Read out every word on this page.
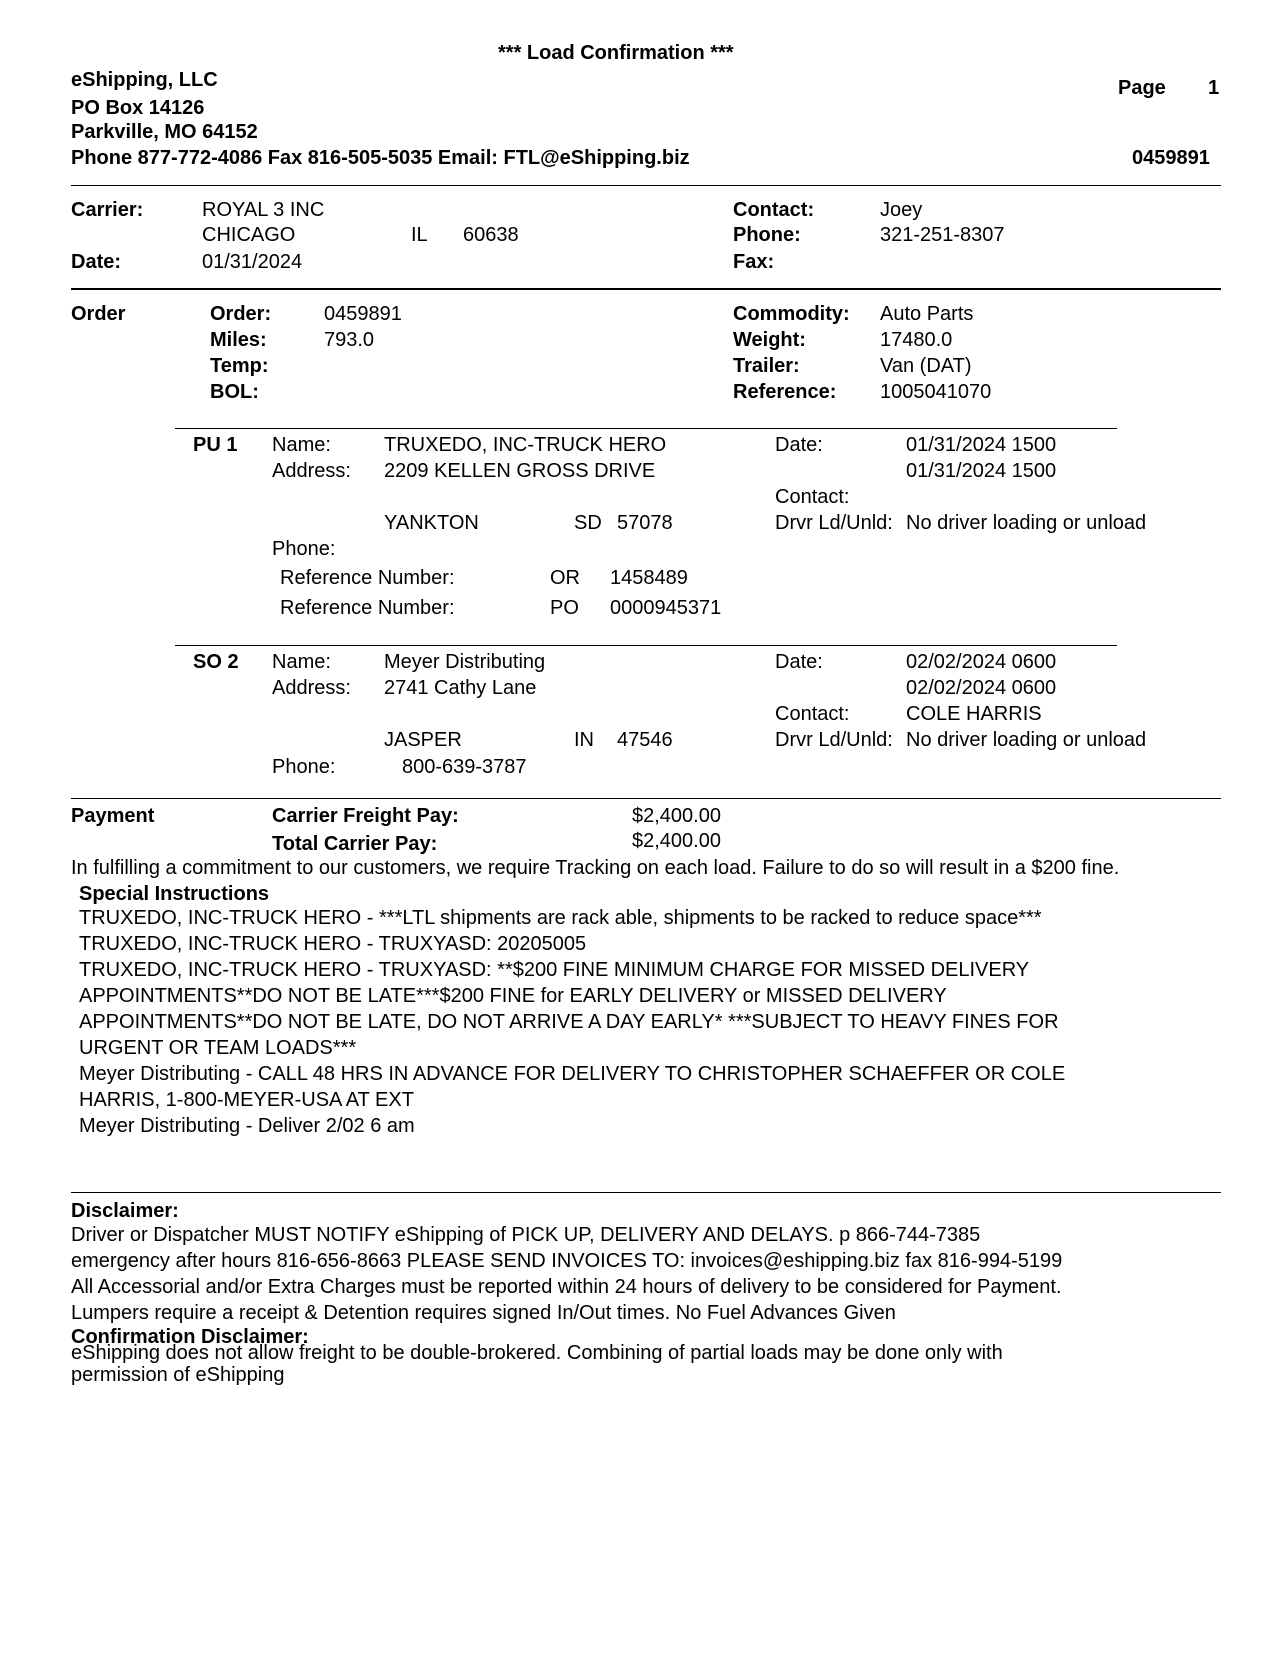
*** Load Confirmation ***
eShipping, LLC
PO Box 14126
Parkville, MO 64152
Phone 877-772-4086 Fax 816-505-5035 Email: FTL@eShipping.biz
Page 1
0459891
Carrier:	ROYAL 3 INC
CHICAGO	IL 60638
Date:	01/31/2024
Contact:	Joey
Phone:	321-251-8307
Fax:
Order	Order:	0459891
Miles:	793.0
Temp:
BOL:
Commodity: Auto Parts
Weight:	17480.0
Trailer:	Van (DAT)
Reference: 1005041070
PU 1 Name:	TRUXEDO, INC-TRUCK HERO
Address: 2209 KELLEN GROSS DRIVE
YANKTON	SD 57078
Phone:
Date:	01/31/2024 1500
01/31/2024 1500
Contact:
Drvr Ld/Unld: No driver loading or unload
Reference Number:	OR 1458489
Reference Number:	PO 0000945371
SO 2 Name:	Meyer Distributing
Address: 2741 Cathy Lane
JASPER	IN 47546
Phone:	800-639-3787
Date:	02/02/2024 0600
02/02/2024 0600
Contact:	COLE HARRIS
Drvr Ld/Unld: No driver loading or unload
Payment	Carrier Freight Pay:	$2,400.00
Total Carrier Pay:	$2,400.00
In fulfilling a commitment to our customers, we require Tracking on each load. Failure to do so will result in a $200 fine.
Special Instructions
TRUXEDO, INC-TRUCK HERO - ***LTL shipments are rack able, shipments to be racked to reduce space***
TRUXEDO, INC-TRUCK HERO - TRUXYASD: 20205005
TRUXEDO, INC-TRUCK HERO - TRUXYASD: **$200 FINE MINIMUM CHARGE FOR MISSED DELIVERY
APPOINTMENTS**DO NOT BE LATE***$200 FINE for EARLY DELIVERY or MISSED DELIVERY
APPOINTMENTS**DO NOT BE LATE, DO NOT ARRIVE A DAY EARLY* ***SUBJECT TO HEAVY FINES FOR
URGENT OR TEAM LOADS***
Meyer Distributing - CALL 48 HRS IN ADVANCE FOR DELIVERY TO CHRISTOPHER SCHAEFFER OR COLE
HARRIS, 1-800-MEYER-USA AT EXT
Meyer Distributing - Deliver 2/02 6 am
Disclaimer:
Driver or Dispatcher MUST NOTIFY eShipping of PICK UP, DELIVERY AND DELAYS. p 866-744-7385
emergency after hours 816-656-8663 PLEASE SEND INVOICES TO: invoices@eshipping.biz fax 816-994-5199
All Accessorial and/or Extra Charges must be reported within 24 hours of delivery to be considered for Payment.
Lumpers require a receipt & Detention requires signed In/Out times. No Fuel Advances Given
Confirmation Disclaimer:
eShipping does not allow freight to be double-brokered. Combining of partial loads may be done only with
permission of eShipping
